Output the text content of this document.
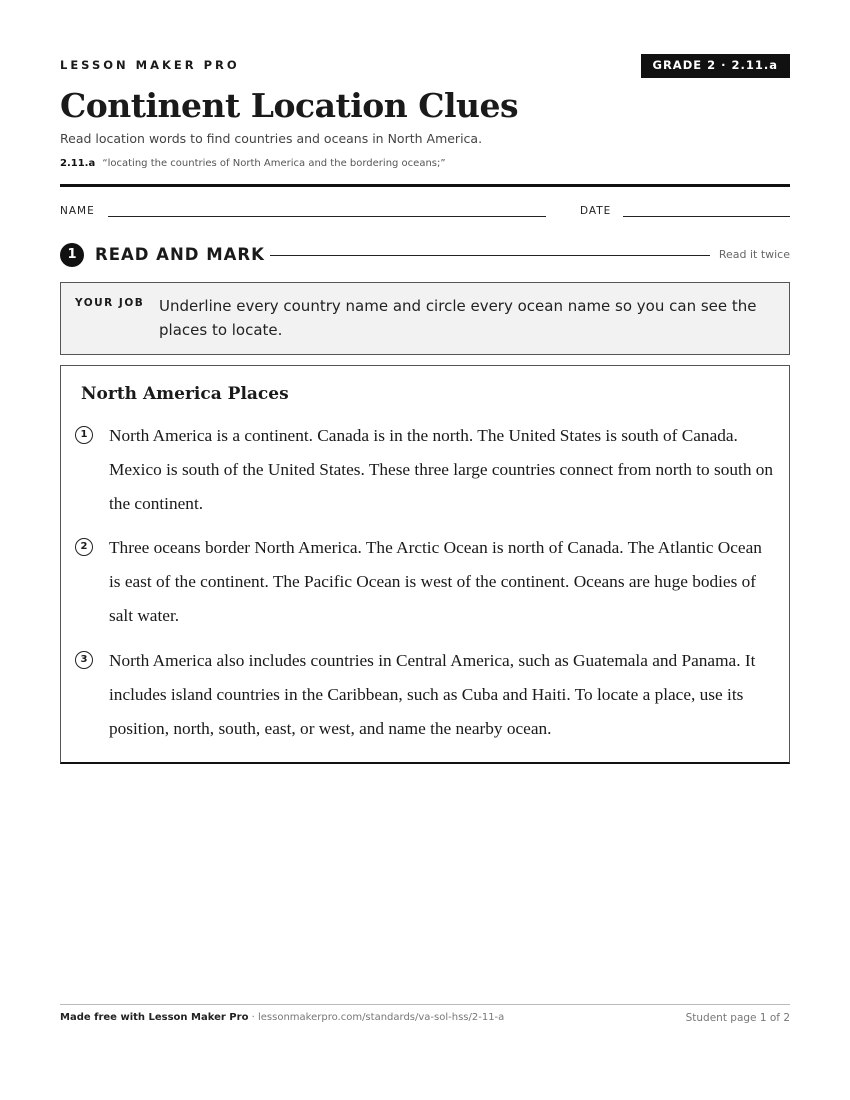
LESSON MAKER PRO	GRADE 2 · 2.11.a
Continent Location Clues
Read location words to find countries and oceans in North America.
2.11.a “locating the countries of North America and the bordering oceans;”
NAME	DATE
1	READ AND MARK	Read it twice
YOUR JOB Underline every country name and circle every ocean name so you can see the places to locate.
North America Places
1	North America is a continent. Canada is in the north. The United States is south of Canada. Mexico is south of the United States. These three large countries connect from north to south on the continent.
2	Three oceans border North America. The Arctic Ocean is north of Canada. The Atlantic Ocean is east of the continent. The Pacific Ocean is west of the continent. Oceans are huge bodies of salt water.
3	North America also includes countries in Central America, such as Guatemala and Panama. It includes island countries in the Caribbean, such as Cuba and Haiti. To locate a place, use its position, north, south, east, or west, and name the nearby ocean.
Made free with Lesson Maker Pro · lessonmakerpro.com/standards/va-sol-hss/2-11-a	Student page 1 of 2
